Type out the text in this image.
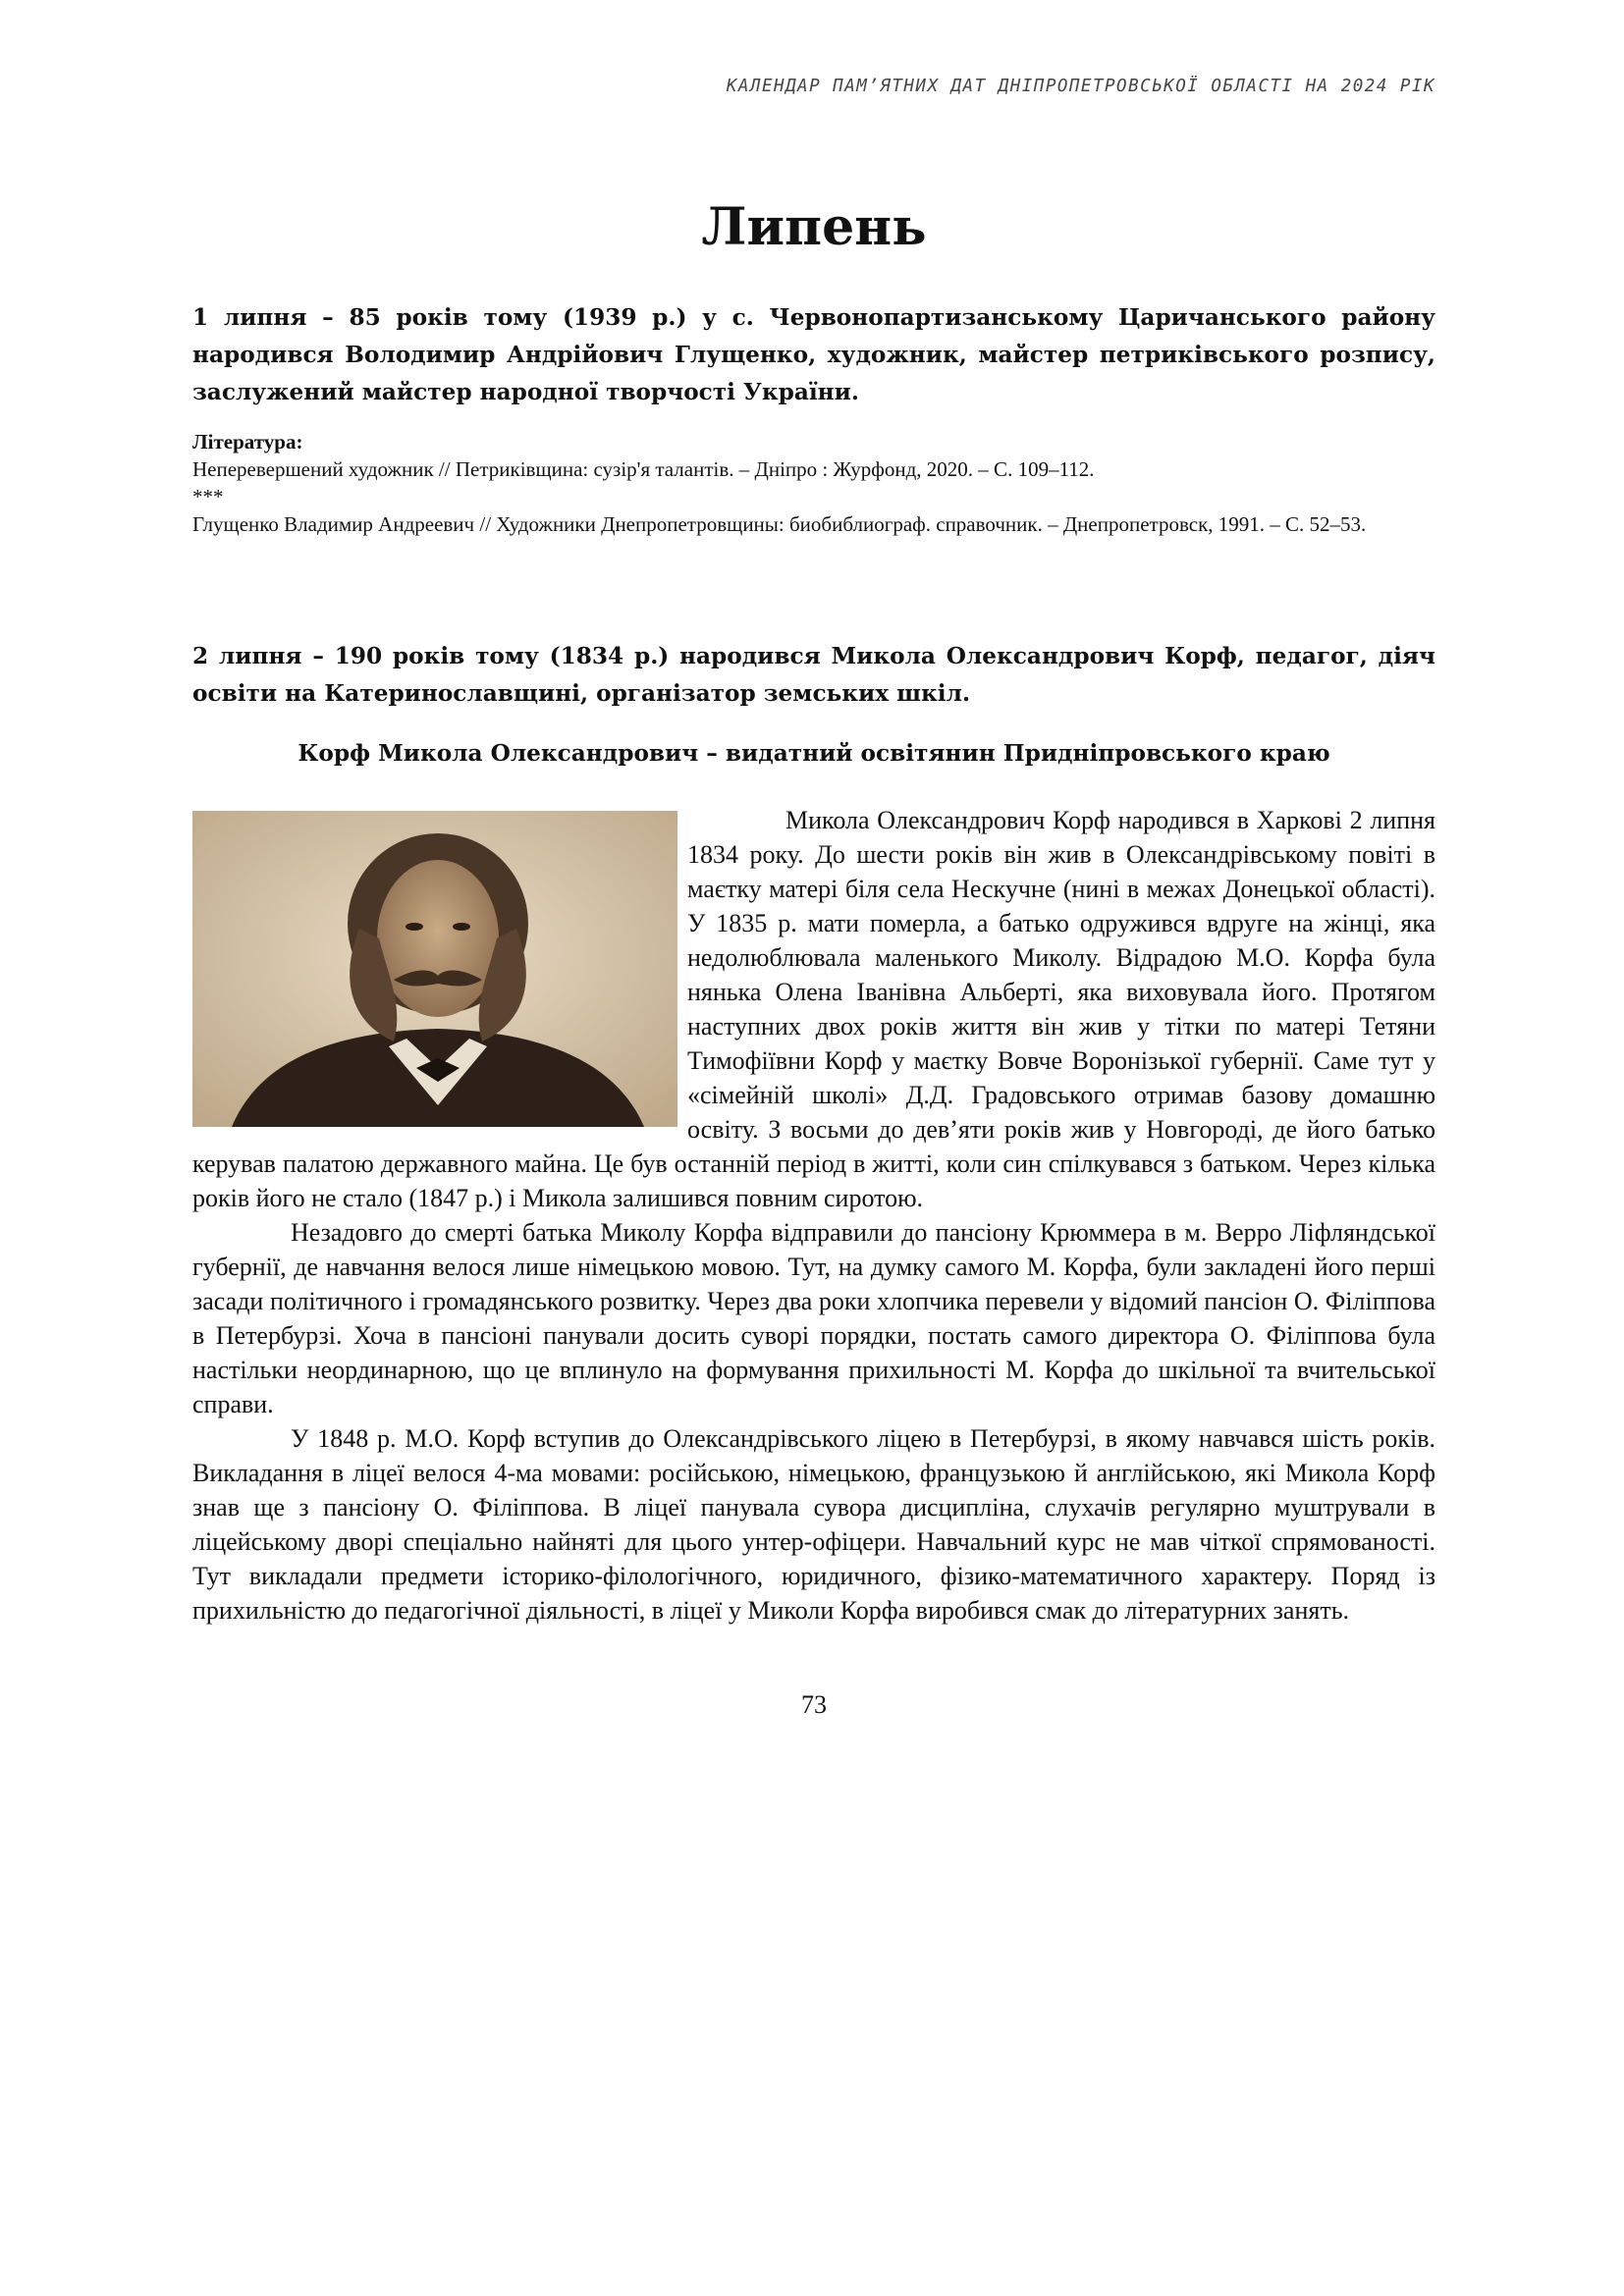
КАЛЕНДАР ПАМ’ЯТНИХ ДАТ ДНІПРОПЕТРОВСЬКОЇ ОБЛАСТІ НА 2024 РІК
Липень

1 липня – 85 років тому (1939 р.) у с. Червонопартизанському Царичанського району народився Володимир Андрійович Глущенко, художник, майстер петриківського розпису, заслужений майстер народної творчості України.

Література:

Неперевершений художник // Петриківщина: сузір'я талантів. – Дніпро : Журфонд, 2020. – С. 109–112.

***

Глущенко Владимир Андреевич // Художники Днепропетровщины: биобиблиограф. справочник. – Днепропетровск, 1991. – С. 52–53.

2 липня – 190 років тому (1834 р.) народився Микола Олександрович Корф, педагог, діяч освіти на Катеринославщині, організатор земських шкіл.

Корф Микола Олександрович – видатний освітянин Придніпровського краю

Микола Олександрович Корф народився в Харкові 2 липня 1834 року. До шести років він жив в Олександрівському повіті в маєтку матері біля села Нескучне (нині в межах Донецької області). У 1835 р. мати померла, а батько одружився вдруге на жінці, яка недолюблювала маленького Миколу. Відрадою М.О. Корфа була нянька Олена Іванівна Альберті, яка виховувала його. Протягом наступних двох років життя він жив у тітки по матері Тетяни Тимофіївни Корф у маєтку Вовче Воронізької губернії. Саме тут у «сімейній школі» Д.Д. Градовського отримав базову домашню освіту. З восьми до дев’яти років жив у Новгороді, де його батько керував палатою державного майна. Це був останній період в житті, коли син спілкувався з батьком. Через кілька років його не стало (1847 р.) і Микола залишився повним сиротою.

Незадовго до смерті батька Миколу Корфа відправили до пансіону Крюммера в м. Верро Ліфляндської губернії, де навчання велося лише німецькою мовою. Тут, на думку самого М. Корфа, були закладені його перші засади політичного і громадянського розвитку. Через два роки хлопчика перевели у відомий пансіон О. Філіппова в Петербурзі. Хоча в пансіоні панували досить суворі порядки, постать самого директора О. Філіппова була настільки неординарною, що це вплинуло на формування прихильності М. Корфа до шкільної та вчительської справи.

У 1848 р. М.О. Корф вступив до Олександрівського ліцею в Петербурзі, в якому навчався шість років. Викладання в ліцеї велося 4-ма мовами: російською, німецькою, французькою й англійською, які Микола Корф знав ще з пансіону О. Філіппова. В ліцеї панувала сувора дисципліна, слухачів регулярно муштрували в ліцейському дворі спеціально найняті для цього унтер-офіцери. Навчальний курс не мав чіткої спрямованості. Тут викладали предмети історико-філологічного, юридичного, фізико-математичного характеру. Поряд із прихильністю до педагогічної діяльності, в ліцеї у Миколи Корфа виробився смак до літературних занять.

73
